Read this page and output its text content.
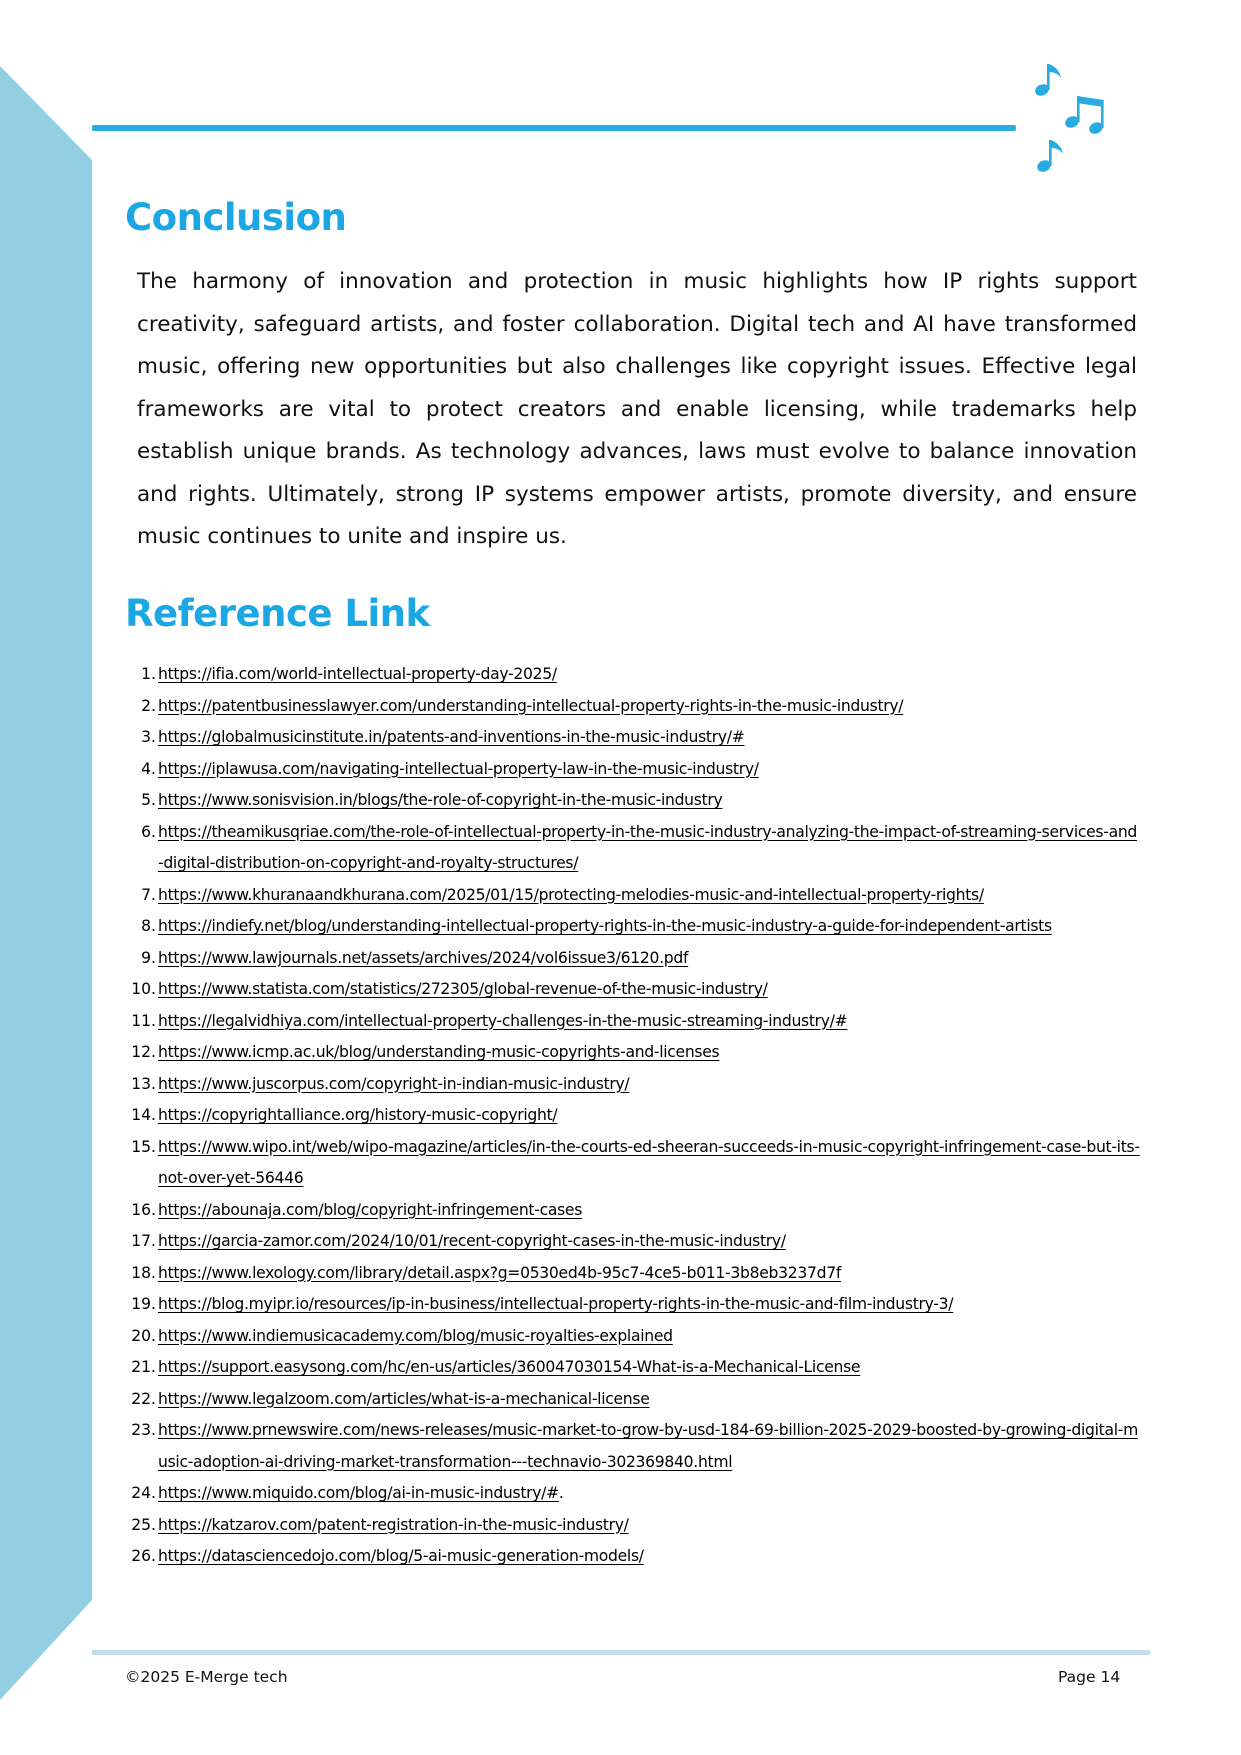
Conclusion

The harmony of innovation and protection in music highlights how IP rights support creativity, safeguard artists, and foster collaboration. Digital tech and AI have transformed music, offering new opportunities but also challenges like copyright issues. Effective legal frameworks are vital to protect creators and enable licensing, while trademarks help establish unique brands. As technology advances, laws must evolve to balance innovation and rights. Ultimately, strong IP systems empower artists, promote diversity, and ensure music continues to unite and inspire us.

Reference Link
1. https://ifia.com/world-intellectual-property-day-2025/
2. https://patentbusinesslawyer.com/understanding-intellectual-property-rights-in-the-music-industry/
3. https://globalmusicinstitute.in/patents-and-inventions-in-the-music-industry/#
4. https://iplawusa.com/navigating-intellectual-property-law-in-the-music-industry/
5. https://www.sonisvision.in/blogs/the-role-of-copyright-in-the-music-industry
6. https://theamikusqriae.com/the-role-of-intellectual-property-in-the-music-industry-analyzing-the-impact-of-streaming-services-and-digital-distribution-on-copyright-and-royalty-structures/
7. https://www.khuranaandkhurana.com/2025/01/15/protecting-melodies-music-and-intellectual-property-rights/
8. https://indiefy.net/blog/understanding-intellectual-property-rights-in-the-music-industry-a-guide-for-independent-artists
9. https://www.lawjournals.net/assets/archives/2024/vol6issue3/6120.pdf
10. https://www.statista.com/statistics/272305/global-revenue-of-the-music-industry/
11. https://legalvidhiya.com/intellectual-property-challenges-in-the-music-streaming-industry/#
12. https://www.icmp.ac.uk/blog/understanding-music-copyrights-and-licenses
13. https://www.juscorpus.com/copyright-in-indian-music-industry/
14. https://copyrightalliance.org/history-music-copyright/
15. https://www.wipo.int/web/wipo-magazine/articles/in-the-courts-ed-sheeran-succeeds-in-music-copyright-infringement-case-but-its-not-over-yet-56446
16. https://abounaja.com/blog/copyright-infringement-cases
17. https://garcia-zamor.com/2024/10/01/recent-copyright-cases-in-the-music-industry/
18. https://www.lexology.com/library/detail.aspx?g=0530ed4b-95c7-4ce5-b011-3b8eb3237d7f
19. https://blog.myipr.io/resources/ip-in-business/intellectual-property-rights-in-the-music-and-film-industry-3/
20. https://www.indiemusicacademy.com/blog/music-royalties-explained
21. https://support.easysong.com/hc/en-us/articles/360047030154-What-is-a-Mechanical-License
22. https://www.legalzoom.com/articles/what-is-a-mechanical-license
23. https://www.prnewswire.com/news-releases/music-market-to-grow-by-usd-184-69-billion-2025-2029-boosted-by-growing-digital-music-adoption-ai-driving-market-transformation---technavio-302369840.html
24. https://www.miquido.com/blog/ai-in-music-industry/#.
25. https://katzarov.com/patent-registration-in-the-music-industry/
26. https://datasciencedojo.com/blog/5-ai-music-generation-models/
©2025 E-Merge tech	Page 14
